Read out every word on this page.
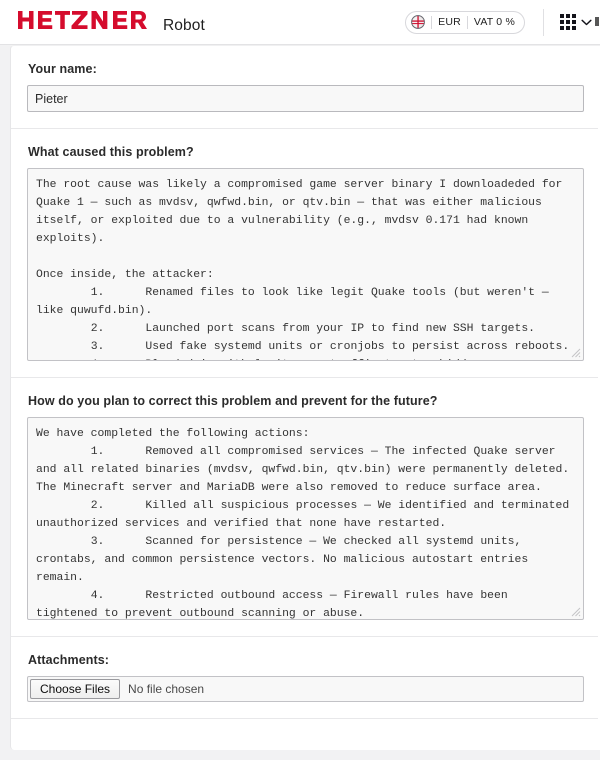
Robot	EUR VAT 0 %
Your name:
Pieter
What caused this problem?
The root cause was likely a compromised game server binary I downloadeded for Quake 1 — such as mvdsv, qwfwd.bin, or qtv.bin — that was either malicious itself, or exploited due to a vulnerability (e.g., mvdsv 0.171 had known exploits). Once inside, the attacker: 1. Renamed files to look like legit Quake tools (but weren't — like quwufd.bin). 2. Launched port scans from your IP to find new SSH targets. 3. Used fake systemd units or cronjobs to persist across reboots. 4. Blended in with legit game traffic to stay hidden.
How do you plan to correct this problem and prevent for the future?
We have completed the following actions: 1. Removed all compromised services — The infected Quake server and all related binaries (mvdsv, qwfwd.bin, qtv.bin) were permanently deleted. The Minecraft server and MariaDB were also removed to reduce surface area. 2. Killed all suspicious processes — We identified and terminated unauthorized services and verified that none have restarted. 3. Scanned for persistence — We checked all systemd units, crontabs, and common persistence vectors. No malicious autostart entries remain. 4. Restricted outbound access — Firewall rules have been tightened to prevent outbound scanning or abuse.
Attachments:
Choose Files	No file chosen
